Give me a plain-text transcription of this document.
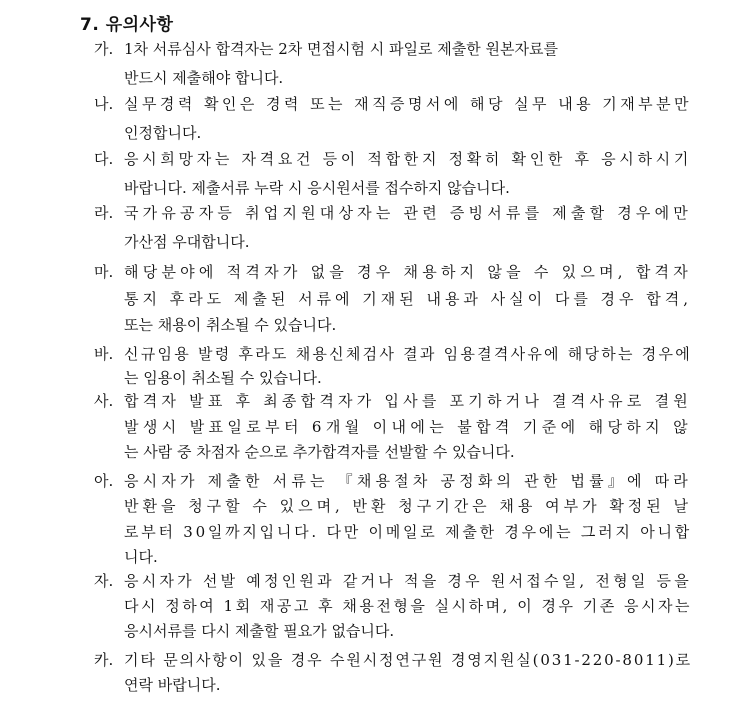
7. 유의사항
가. 1차 서류심사 합격자는 2차 면접시험 시 파일로 제출한 원본자료를
반드시 제출해야 합니다.
나. 실무경력 확인은 경력 또는 재직증명서에 해당 실무 내용 기재부분만
인정합니다.
다. 응시희망자는 자격요건 등이 적합한지 정확히 확인한 후 응시하시기
바랍니다. 제출서류 누락 시 응시원서를 접수하지 않습니다.
라. 국가유공자등 취업지원대상자는 관련 증빙서류를 제출할 경우에만
가산점 우대합니다.
마. 해당분야에 적격자가 없을 경우 채용하지 않을 수 있으며, 합격자
통지 후라도 제출된 서류에 기재된 내용과 사실이 다를 경우 합격,
또는 채용이 취소될 수 있습니다.
바. 신규임용 발령 후라도 채용신체검사 결과 임용결격사유에 해당하는 경우에
는 임용이 취소될 수 있습니다.
사. 합격자 발표 후 최종합격자가 입사를 포기하거나 결격사유로 결원
발생시 발표일로부터 6개월 이내에는 불합격 기준에 해당하지 않
는 사람 중 차점자 순으로 추가합격자를 선발할 수 있습니다.
아. 응시자가 제출한 서류는 『채용절차 공정화의 관한 법률』에 따라
반환을 청구할 수 있으며, 반환 청구기간은 채용 여부가 확정된 날
로부터 30일까지입니다. 다만 이메일로 제출한 경우에는 그러지 아니합
니다.
자. 응시자가 선발 예정인원과 같거나 적을 경우 원서접수일, 전형일 등을
다시 정하여 1회 재공고 후 채용전형을 실시하며, 이 경우 기존 응시자는
응시서류를 다시 제출할 필요가 없습니다.
카. 기타 문의사항이 있을 경우 수원시정연구원 경영지원실(031-220-8011)로
연락 바랍니다.
